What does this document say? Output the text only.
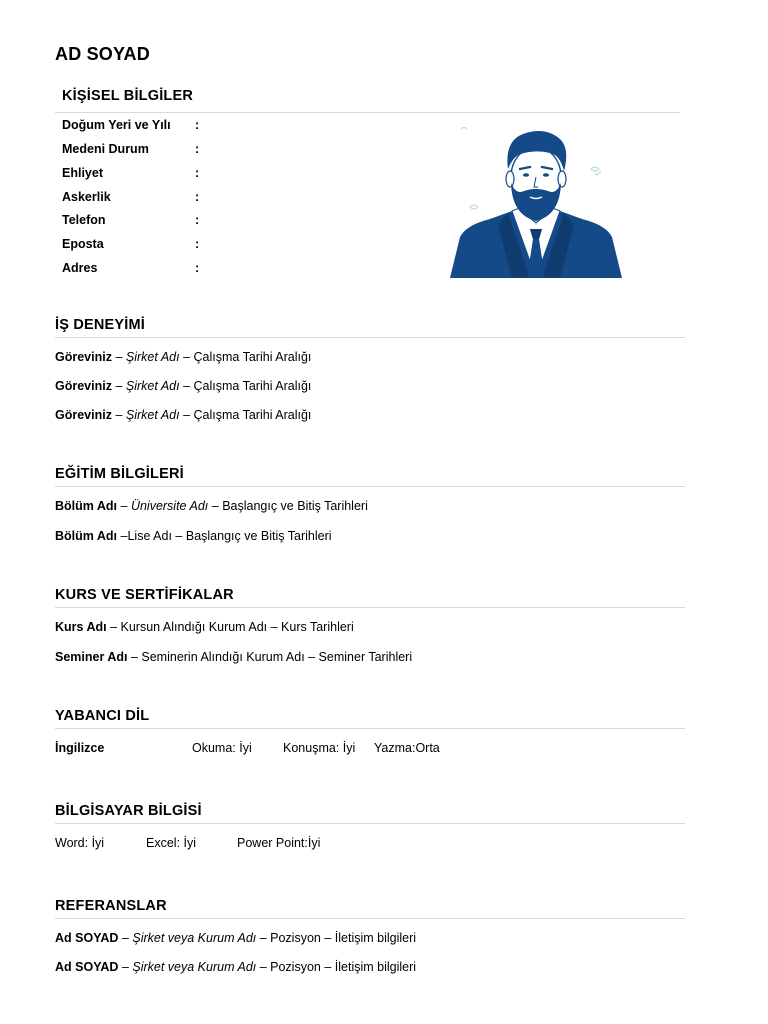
AD SOYAD
KİŞİSEL BİLGİLER
Doğum Yeri ve Yılı :
Medeni Durum	:
Ehliyet	:
Askerlik	:
Telefon	:
Eposta	:
Adres	:
İŞ DENEYİMİ
Göreviniz – Şirket Adı – Çalışma Tarihi Aralığı
Göreviniz – Şirket Adı – Çalışma Tarihi Aralığı
Göreviniz – Şirket Adı – Çalışma Tarihi Aralığı
EĞİTİM BİLGİLERİ
Bölüm Adı – Üniversite Adı – Başlangıç ve Bitiş Tarihleri
Bölüm Adı –Lise Adı – Başlangıç ve Bitiş Tarihleri
KURS VE SERTİFİKALAR
Kurs Adı – Kursun Alındığı Kurum Adı – Kurs Tarihleri
Seminer Adı – Seminerin Alındığı Kurum Adı – Seminer Tarihleri
YABANCI DİL
İngilizce	Okuma: İyi	Konuşma: İyi Yazma:Orta
BİLGİSAYAR BİLGİSİ
Word: İyi	Excel: İyi	Power Point:İyi
REFERANSLAR
Ad SOYAD – Şirket veya Kurum Adı – Pozisyon – İletişim bilgileri
Ad SOYAD – Şirket veya Kurum Adı – Pozisyon – İletişim bilgileri
